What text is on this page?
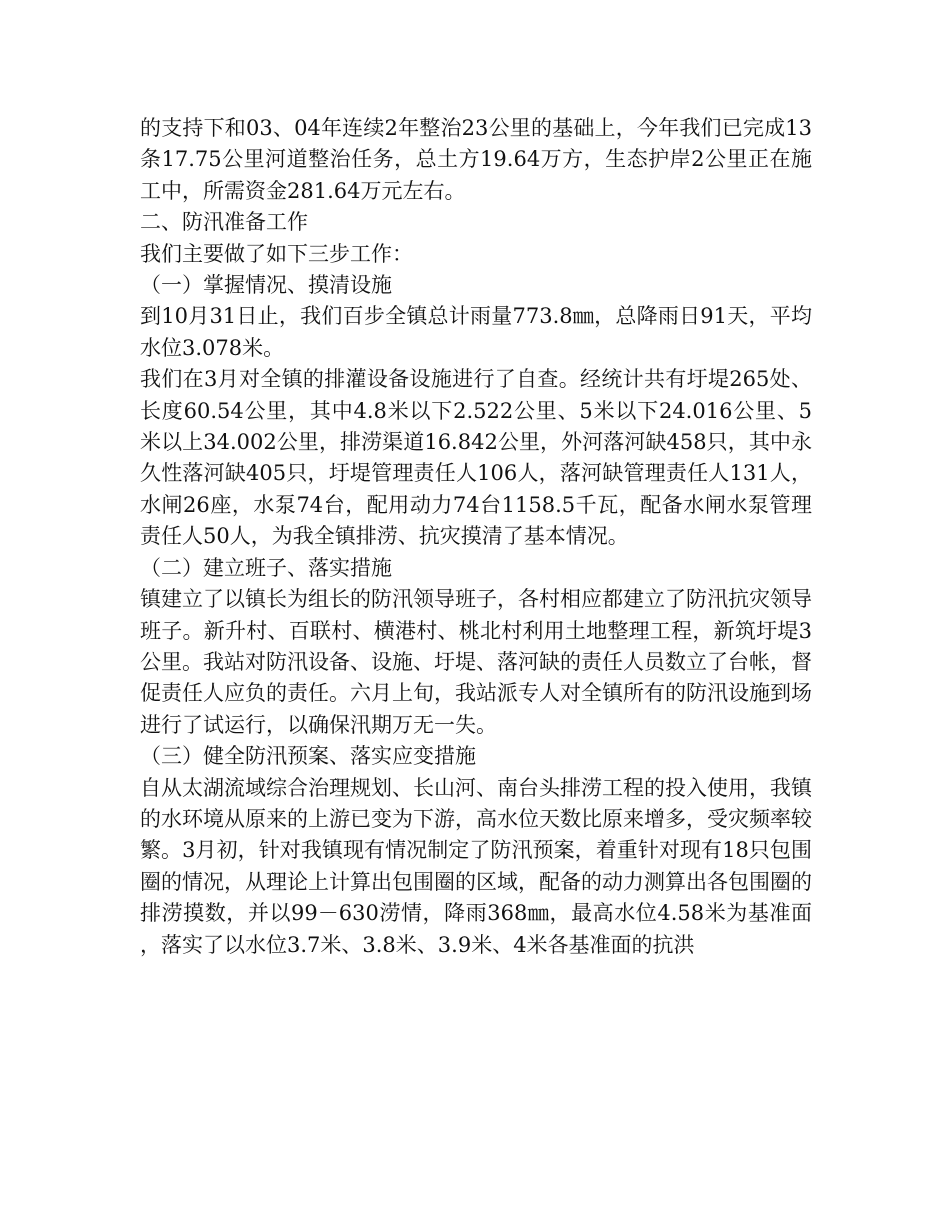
的支持下和03、04年连续2年整治23公里的基础上，今年我们已完成13条17.75公里河道整治任务，总土方19.64万方，生态护岸2公里正在施工中，所需资金281.64万元左右。

二、防汛准备工作

我们主要做了如下三步工作：

（一）掌握情况、摸清设施

到10月31日止，我们百步全镇总计雨量773.8㎜，总降雨日91天，平均水位3.078米。

我们在3月对全镇的排灌设备设施进行了自查。经统计共有圩堤265处、长度60.54公里，其中4.8米以下2.522公里、5米以下24.016公里、5米以上34.002公里，排涝渠道16.842公里，外河落河缺458只，其中永久性落河缺405只，圩堤管理责任人106人，落河缺管理责任人131人，水闸26座，水泵74台，配用动力74台1158.5千瓦，配备水闸水泵管理责任人50人，为我全镇排涝、抗灾摸清了基本情况。

（二）建立班子、落实措施

镇建立了以镇长为组长的防汛领导班子，各村相应都建立了防汛抗灾领导班子。新升村、百联村、横港村、桃北村利用土地整理工程，新筑圩堤3公里。我站对防汛设备、设施、圩堤、落河缺的责任人员数立了台帐，督促责任人应负的责任。六月上旬，我站派专人对全镇所有的防汛设施到场进行了试运行，以确保汛期万无一失。

（三）健全防汛预案、落实应变措施

自从太湖流域综合治理规划、长山河、南台头排涝工程的投入使用，我镇的水环境从原来的上游已变为下游，高水位天数比原来增多，受灾频率较繁。3月初，针对我镇现有情况制定了防汛预案，着重针对现有18只包围圈的情况，从理论上计算出包围圈的区域，配备的动力测算出各包围圈的排涝摸数，并以99－630涝情，降雨368㎜，最高水位4.58米为基准面，落实了以水位3.7米、3.8米、3.9米、4米各基准面的抗洪
